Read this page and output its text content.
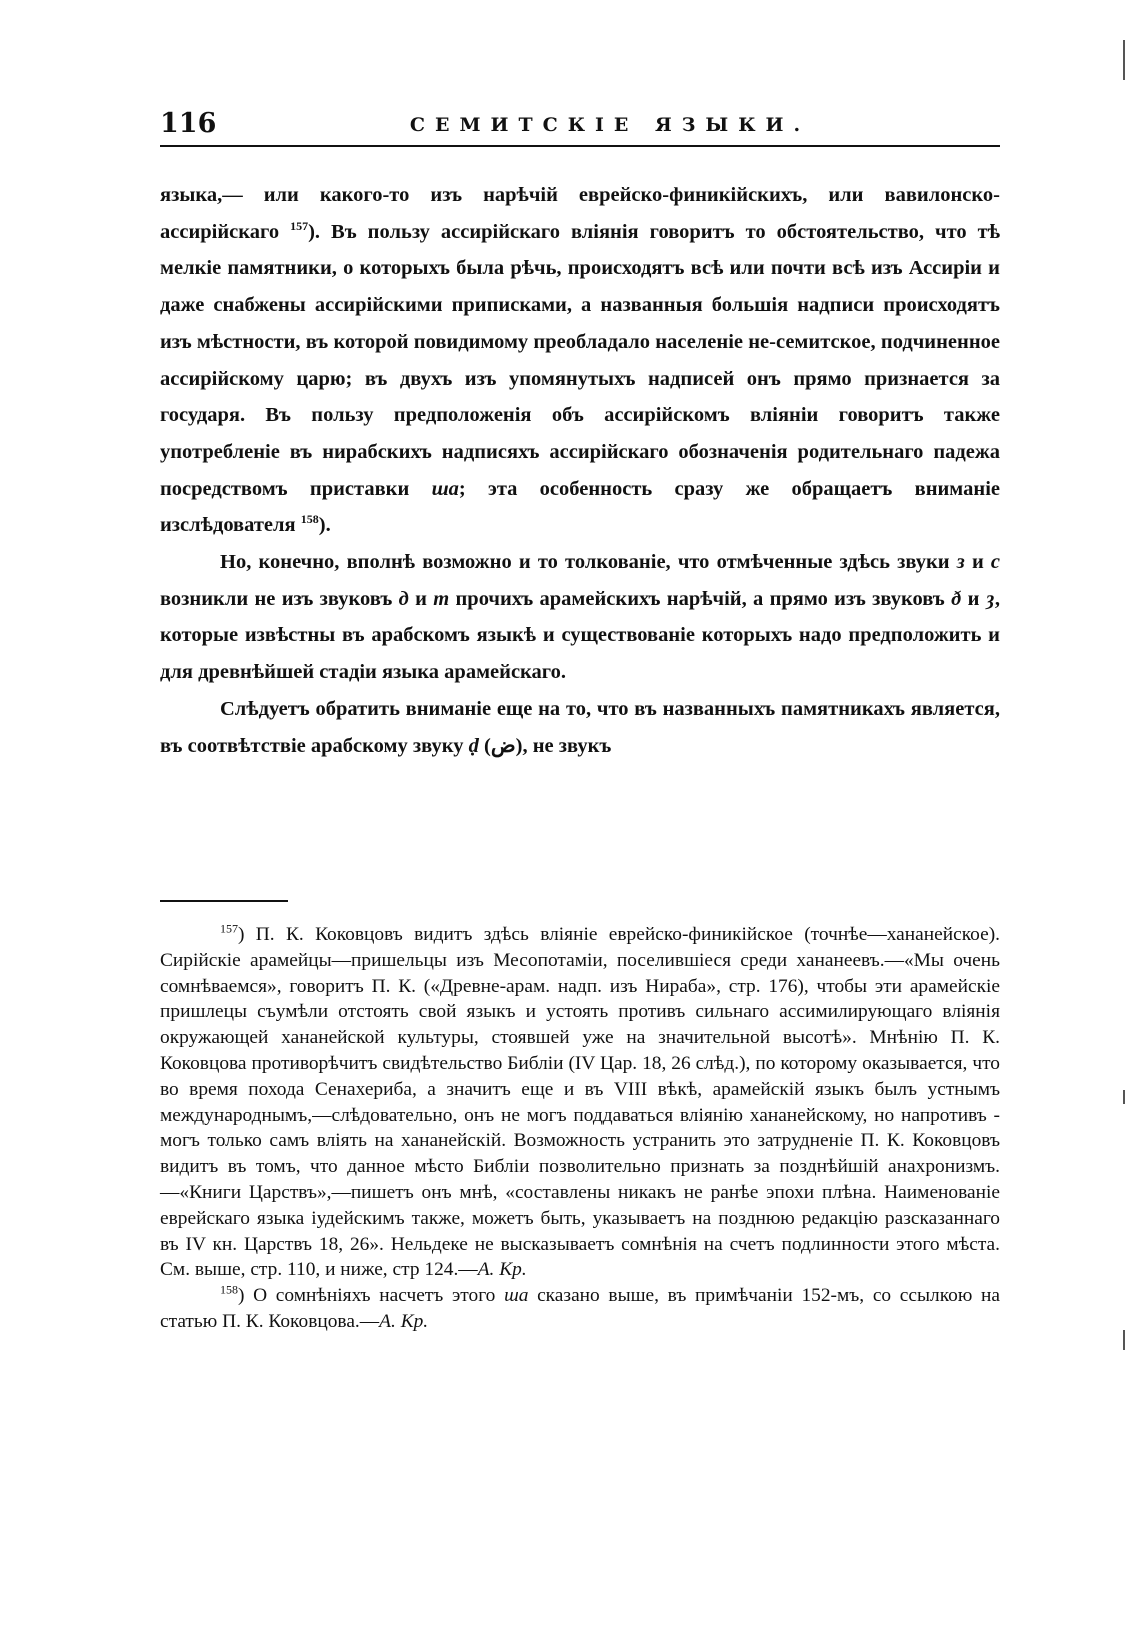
116	СЕМИТСКІЕ ЯЗЫКИ.

языка,— или какого-то изъ нарѣчій еврейско-финикійскихъ, или вавилонско-ассирійскаго $^{157}$). Въ пользу ассирійскаго вліянія говоритъ то обстоятельство, что тѣ мелкіе памятники, о которыхъ была рѣчь, происходятъ всѣ или почти всѣ изъ Ассиріи и даже снабжены ассирійскими приписками, а названныя большія надписи происходятъ изъ мѣстности, въ которой повидимому преобладало населеніе не-семитское, подчиненное ассирійскому царю; въ двухъ изъ упомянутыхъ надписей онъ прямо признается за государя. Въ пользу предположенія объ ассирійскомъ вліяніи говоритъ также употребленіе въ нирабскихъ надписяхъ ассирійскаго обозначенія родительнаго падежа посредствомъ приставки ша; эта особенность сразу же обращаетъ вниманіе изслѣдователя $^{158}$).

Но, конечно, вполнѣ возможно и то толкованіе, что отмѣченные здѣсь звуки з и с возникли не изъ звуковъ д и т прочихъ арамейскихъ нарѣчій, а прямо изъ звуковъ ð и ȝ, которые извѣстны въ арабскомъ языкѣ и существованіе которыхъ надо предположить и для древнѣйшей стадіи языка арамейскаго.

Слѣдуетъ обратить вниманіе еще на то, что въ названныхъ памятникахъ является, въ соотвѣтствіе арабскому звуку ḍ (ض), не звукъ

$^{157}$) П. К. Коковцовъ видитъ здѣсь вліяніе еврейско-финикійское (точнѣе—хананейское). Сирійскіе арамейцы—пришельцы изъ Месопотаміи, поселившіеся среди хананеевъ.—«Мы очень сомнѣваемся», говоритъ П. К. («Древне-арам. надп. изъ Нираба», стр. 176), чтобы эти арамейскіе пришлецы съумѣли отстоять свой языкъ и устоять противъ сильнаго ассимилирующаго вліянія окружающей хананейской культуры, стоявшей уже на значительной высотѣ». Мнѣнію П. К. Коковцова противорѣчитъ свидѣтельство Библіи (IV Цар. 18, 26 слѣд.), по которому оказывается, что во время похода Сенахериба, а значитъ еще и въ VIII вѣкѣ, арамейскій языкъ былъ устнымъ международнымъ,—слѣдовательно, онъ не могъ поддаваться вліянію хананейскому, но напротивъ - могъ только самъ вліять на хананейскій. Возможность устранить это затрудненіе П. К. Коковцовъ видитъ въ томъ, что данное мѣсто Библіи позволительно признать за позднѣйшій анахронизмъ.—«Книги Царствъ»,—пишетъ онъ мнѣ, «составлены никакъ не ранѣе эпохи плѣна. Наименованіе еврейскаго языка іудейскимъ также, можетъ быть, указываетъ на позднюю редакцію разсказаннаго въ IV кн. Царствъ 18, 26». Нельдеке не высказываетъ сомнѣнія на счетъ подлинности этого мѣста. См. выше, стр. 110, и ниже, стр 124.—А. Кр.

$^{158}$) О сомнѣніяхъ насчетъ этого ша сказано выше, въ примѣчаніи 152-мъ, со ссылкою на статью П. К. Коковцова.—А. Кр.
